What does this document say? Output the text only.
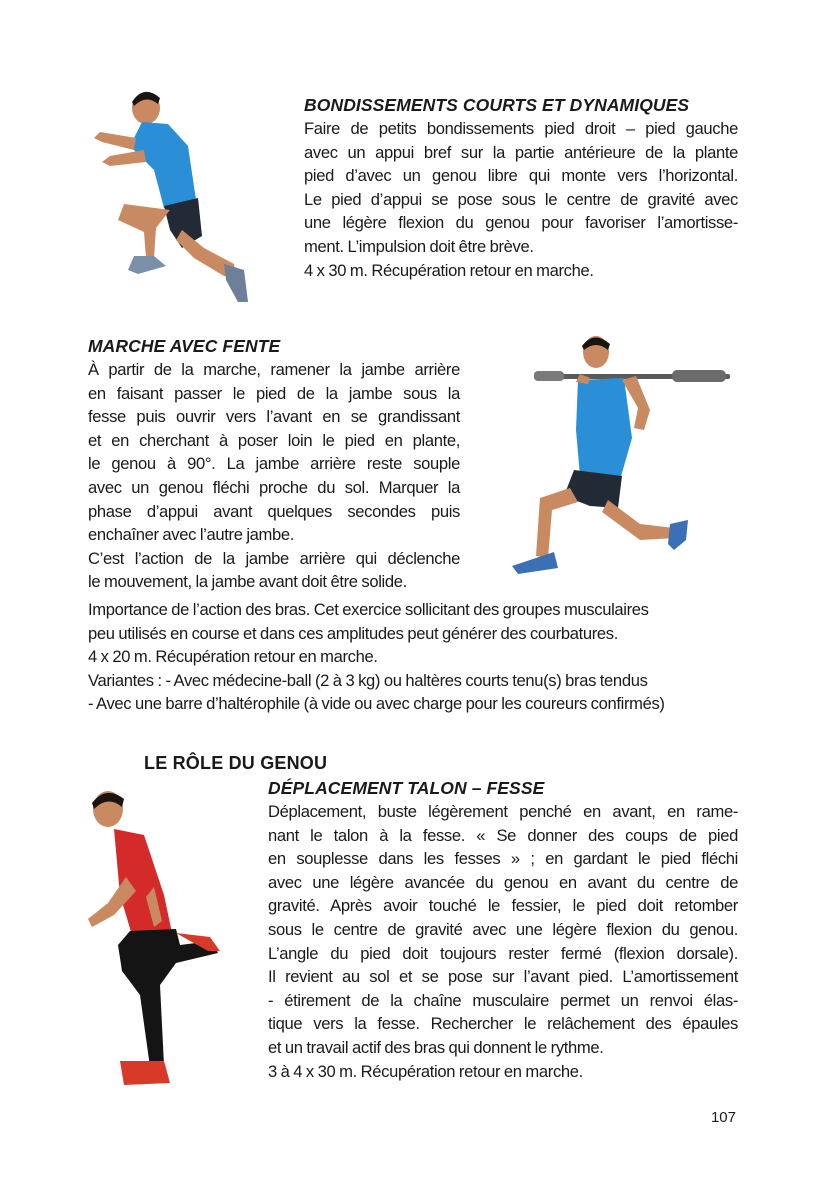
BONDISSEMENTS COURTS ET DYNAMIQUES

Faire de petits bondissements pied droit – pied gauche
avec un appui bref sur la partie antérieure de la plante
pied d’avec un genou libre qui monte vers l’horizontal.
Le pied d’appui se pose sous le centre de gravité avec
une légère flexion du genou pour favoriser l’amortisse-
ment. L’impulsion doit être brève.
4 x 30 m. Récupération retour en marche.

MARCHE AVEC FENTE

À partir de la marche, ramener la jambe arrière
en faisant passer le pied de la jambe sous la
fesse puis ouvrir vers l’avant en se grandissant
et en cherchant à poser loin le pied en plante,
le genou à 90°. La jambe arrière reste souple
avec un genou fléchi proche du sol. Marquer la
phase d’appui avant quelques secondes puis
enchaîner avec l’autre jambe.
C’est l’action de la jambe arrière qui déclenche
le mouvement, la jambe avant doit être solide.

Importance de l’action des bras. Cet exercice sollicitant des groupes musculaires
peu utilisés en course et dans ces amplitudes peut générer des courbatures.
4 x 20 m. Récupération retour en marche.
Variantes : - Avec médecine-ball (2 à 3 kg) ou haltères courts tenu(s) bras tendus
- Avec une barre d’haltérophile (à vide ou avec charge pour les coureurs confirmés)

LE RÔLE DU GENOU
DÉPLACEMENT TALON – FESSE

Déplacement, buste légèrement penché en avant, en rame-
nant le talon à la fesse. « Se donner des coups de pied
en souplesse dans les fesses » ; en gardant le pied fléchi
avec une légère avancée du genou en avant du centre de
gravité. Après avoir touché le fessier, le pied doit retomber
sous le centre de gravité avec une légère flexion du genou.
L’angle du pied doit toujours rester fermé (flexion dorsale).
Il revient au sol et se pose sur l’avant pied. L’amortissement
- étirement de la chaîne musculaire permet un renvoi élas-
tique vers la fesse. Rechercher le relâchement des épaules
et un travail actif des bras qui donnent le rythme.
3 à 4 x 30 m. Récupération retour en marche.

107
